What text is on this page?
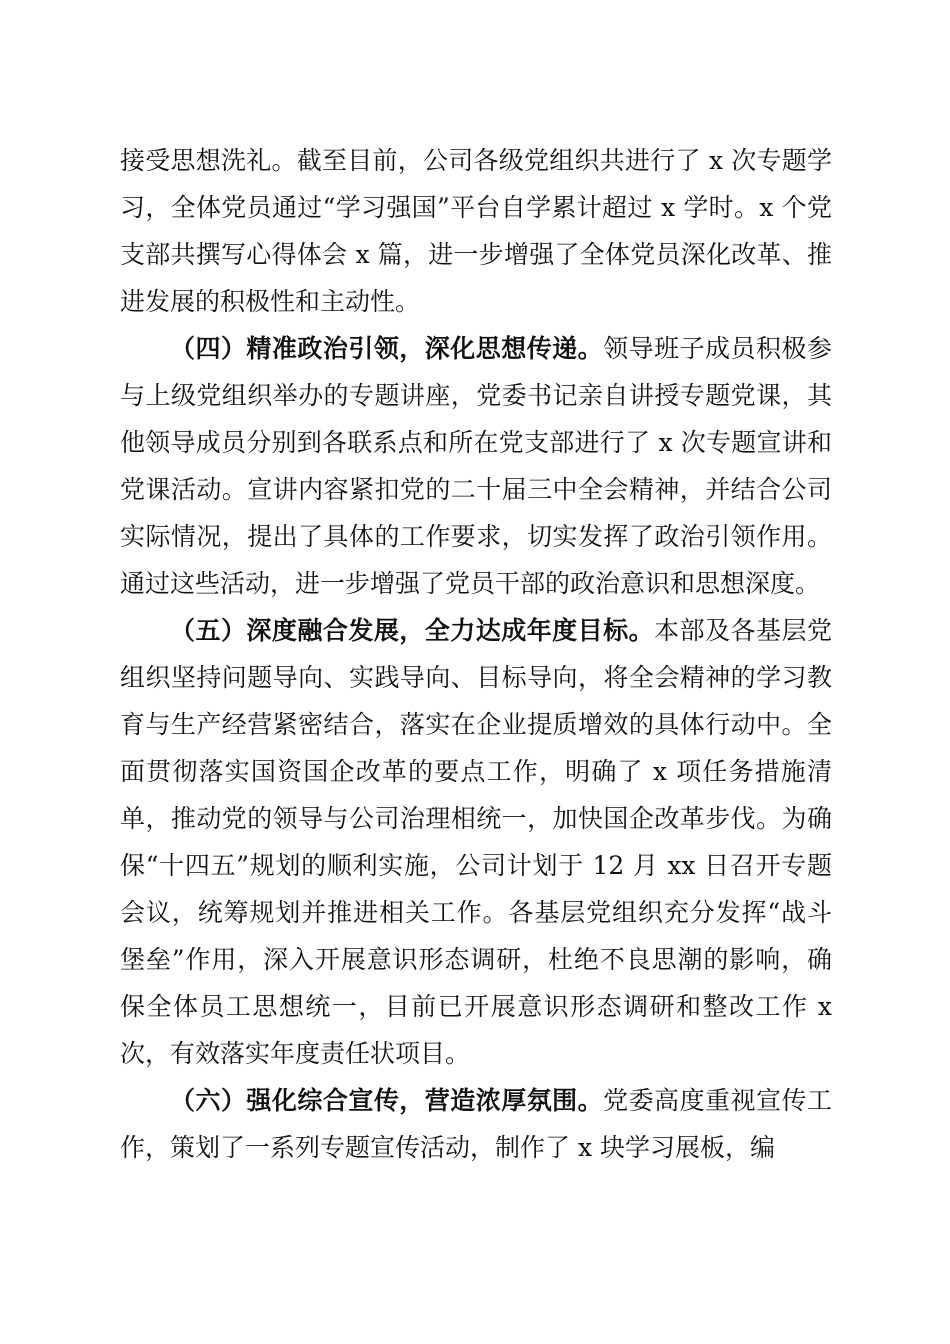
接受思想洗礼。截至目前，公司各级党组织共进行了 x 次专题学习，全体党员通过“学习强国”平台自学累计超过 x 学时。x 个党支部共撰写心得体会 x 篇，进一步增强了全体党员深化改革、推进发展的积极性和主动性。

（四）精准政治引领，深化思想传递。领导班子成员积极参与上级党组织举办的专题讲座，党委书记亲自讲授专题党课，其他领导成员分别到各联系点和所在党支部进行了 x 次专题宣讲和党课活动。宣讲内容紧扣党的二十届三中全会精神，并结合公司实际情况，提出了具体的工作要求，切实发挥了政治引领作用。通过这些活动，进一步增强了党员干部的政治意识和思想深度。

（五）深度融合发展，全力达成年度目标。本部及各基层党组织坚持问题导向、实践导向、目标导向，将全会精神的学习教育与生产经营紧密结合，落实在企业提质增效的具体行动中。全面贯彻落实国资国企改革的要点工作，明确了 x 项任务措施清单，推动党的领导与公司治理相统一，加快国企改革步伐。为确保“十四五”规划的顺利实施，公司计划于 12 月 xx 日召开专题会议，统筹规划并推进相关工作。各基层党组织充分发挥“战斗堡垒”作用，深入开展意识形态调研，杜绝不良思潮的影响，确保全体员工思想统一，目前已开展意识形态调研和整改工作 x 次，有效落实年度责任状项目。

（六）强化综合宣传，营造浓厚氛围。党委高度重视宣传工作，策划了一系列专题宣传活动，制作了 x 块学习展板，编
